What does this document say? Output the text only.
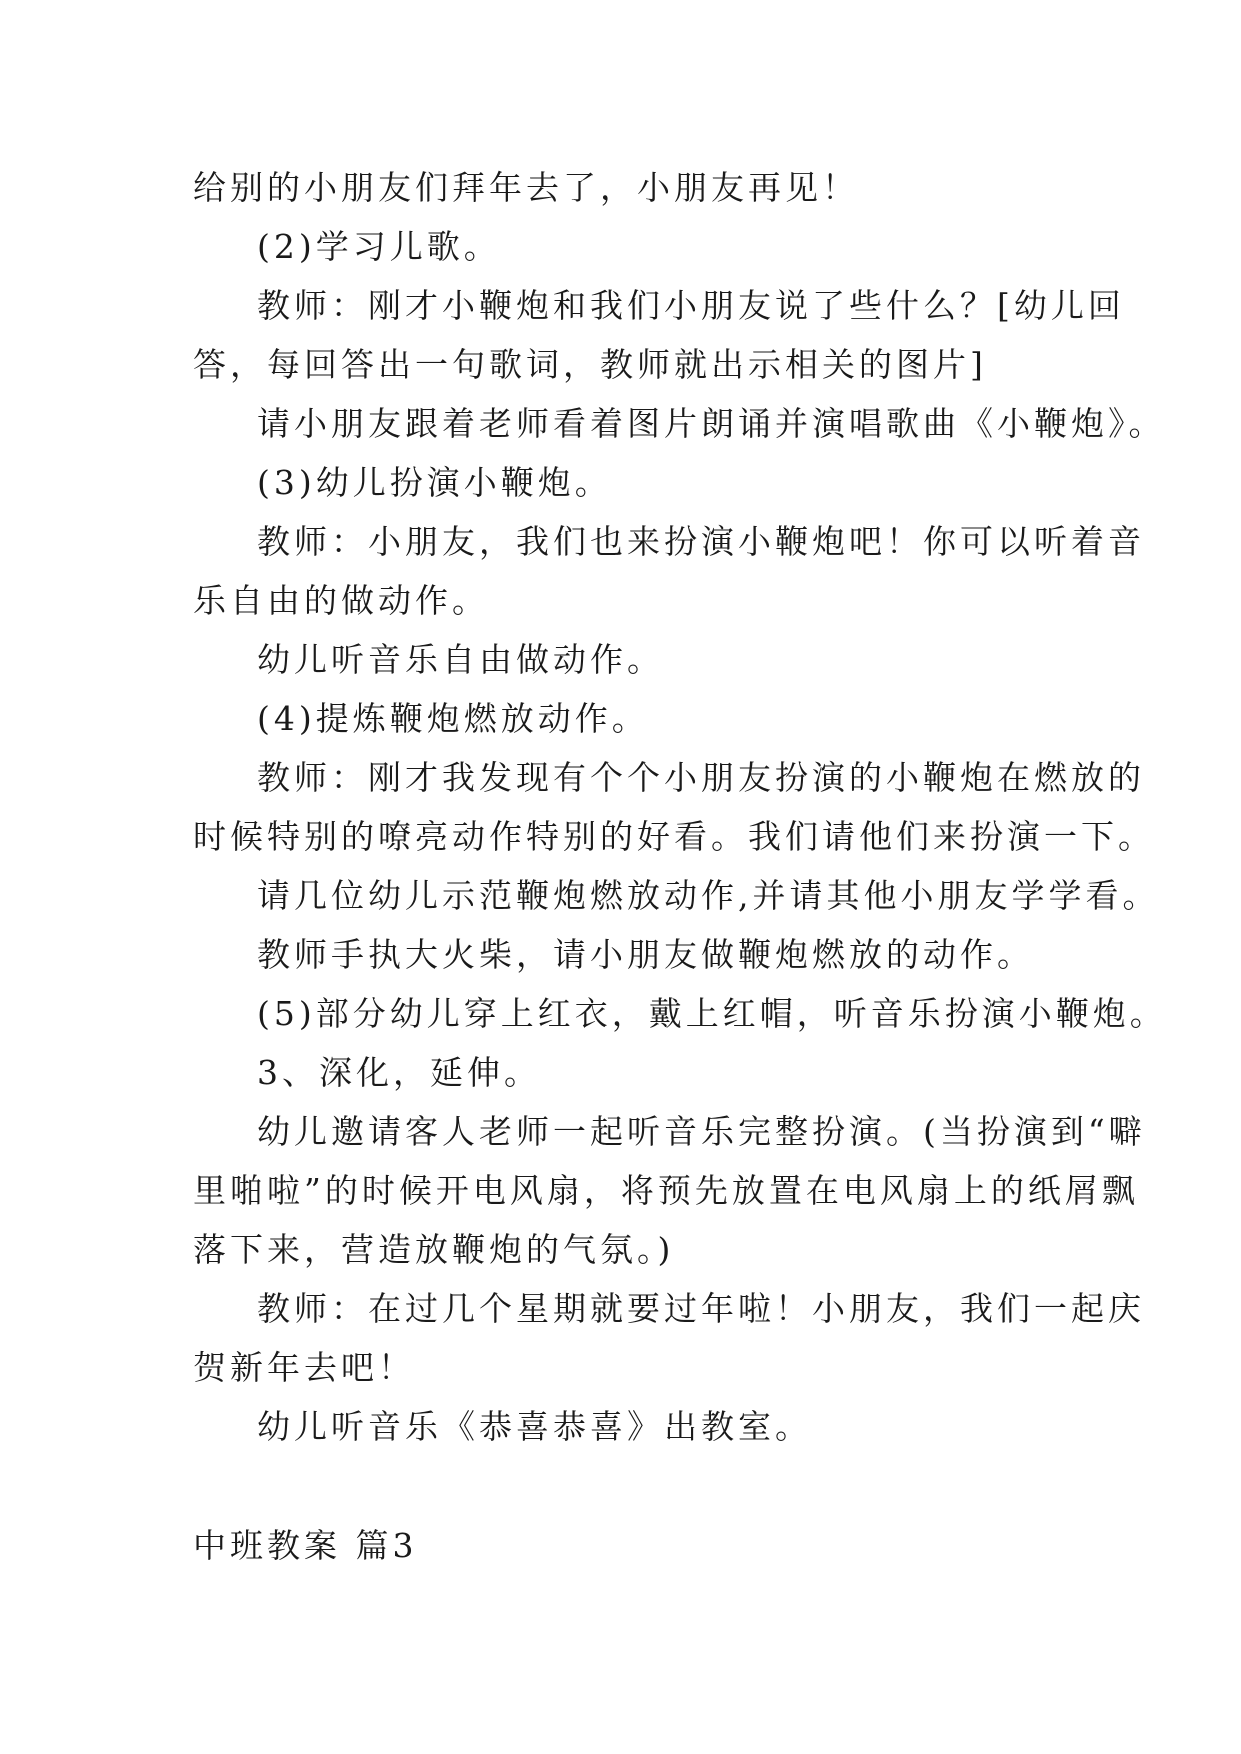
给别的小朋友们拜年去了，小朋友再见！
(2)学习儿歌。
教师：刚才小鞭炮和我们小朋友说了些什么？[幼儿回
答，每回答出一句歌词，教师就出示相关的图片]
请小朋友跟着老师看着图片朗诵并演唱歌曲《小鞭炮》。
(3)幼儿扮演小鞭炮。
教师：小朋友，我们也来扮演小鞭炮吧！你可以听着音
乐自由的做动作。
幼儿听音乐自由做动作。
(4)提炼鞭炮燃放动作。
教师：刚才我发现有个个小朋友扮演的小鞭炮在燃放的
时候特别的嘹亮动作特别的好看。我们请他们来扮演一下。
请几位幼儿示范鞭炮燃放动作,并请其他小朋友学学看。
教师手执大火柴，请小朋友做鞭炮燃放的动作。
(5)部分幼儿穿上红衣，戴上红帽，听音乐扮演小鞭炮。
3、深化，延伸。
幼儿邀请客人老师一起听音乐完整扮演。(当扮演到“噼
里啪啦”的时候开电风扇，将预先放置在电风扇上的纸屑飘
落下来，营造放鞭炮的气氛。)
教师：在过几个星期就要过年啦！小朋友，我们一起庆
贺新年去吧！
幼儿听音乐《恭喜恭喜》出教室。
中班教案 篇3
